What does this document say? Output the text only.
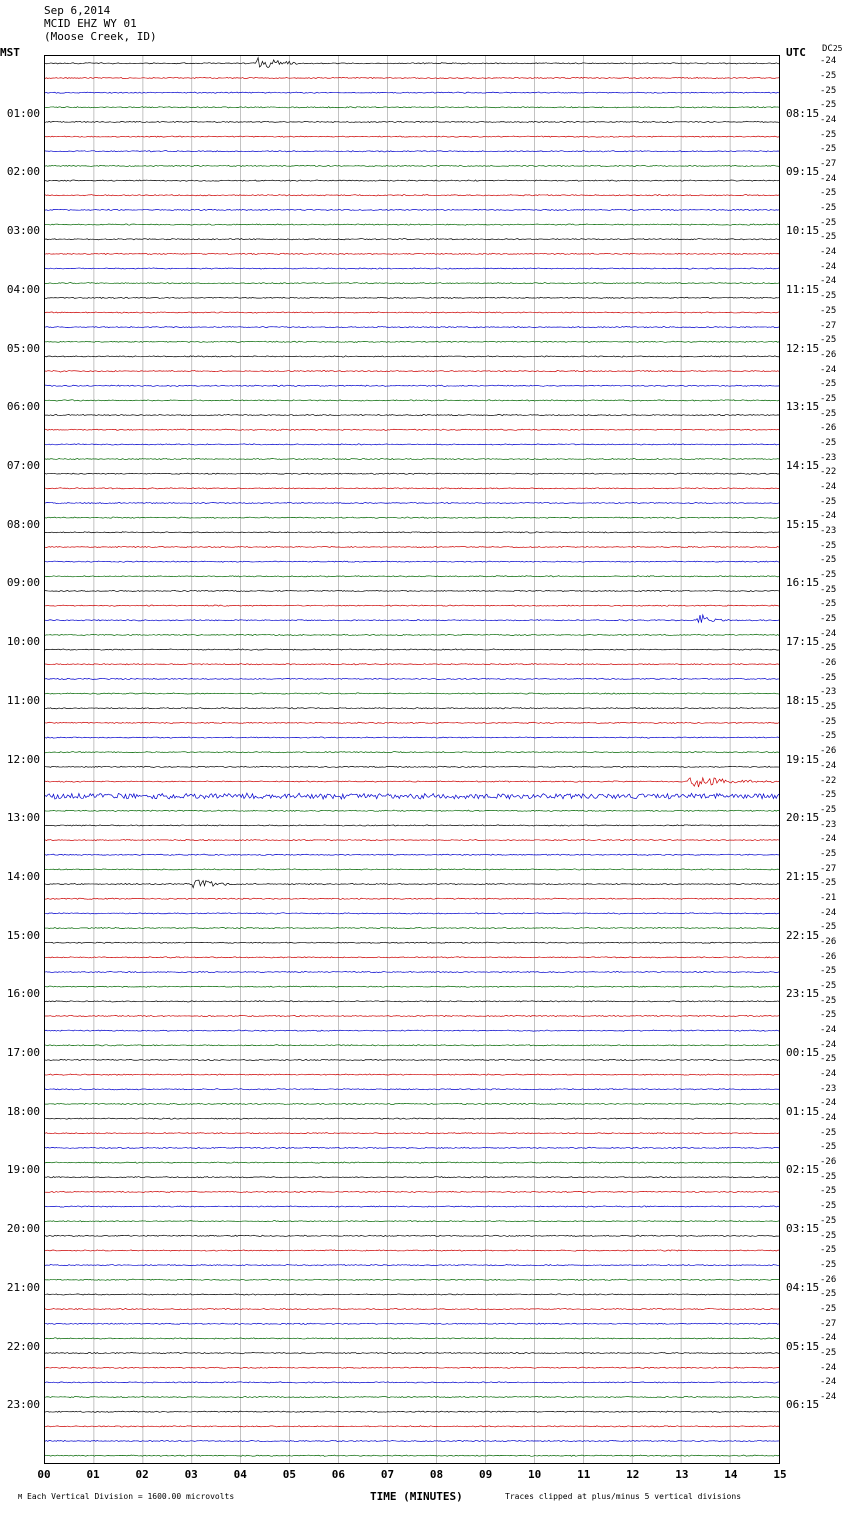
Sep 6,2014
MCID EHZ WY 01
(Moose Creek, ID)
MST	UTC DC25
01:00
02:00
03:00
04:00
05:00
06:00
07:00
08:00
09:00
10:00
11:00
12:00
13:00
14:00
15:00
16:00
17:00
18:00
19:00
20:00
21:00
22:00
23:00
08:15
09:15
10:15
11:15
12:15
13:15
14:15
15:15
16:15
17:15
18:15
19:15
20:15
21:15
22:15
23:15
00:15
01:15
02:15
03:15
04:15
05:15
06:15
-24
-25
-25
-25
-24
-25
-25
-27
-24
-25
-25
-25
-25
-24
-24
-24
-25
-25
-27
-25
-26
-24
-25
-25
-25
-26
-25
-23
-22
-24
-25
-24
-23
-25
-25
-25
-25
-25
-25
-24
-25
-26
-25
-23
-25
-25
-25
-26
-24
-22
-25
-25
-23
-24
-25
-27
-25
-21
-24
-25
-26
-26
-25
-25
-25
-25
-24
-24
-25
-24
-23
-24
-24
-25
-25
-26
-25
-25
-25
-25
-25
-25
-25
-26
-25
-25
-27
-24
-25
-24
-24
-24
00	01	02	03	04	05	06	07	08	09	10	11	12	13	14	15
TIME (MINUTES)
M Each Vertical Division = 1600.00 microvolts	Traces clipped at plus/minus 5 vertical divisions
